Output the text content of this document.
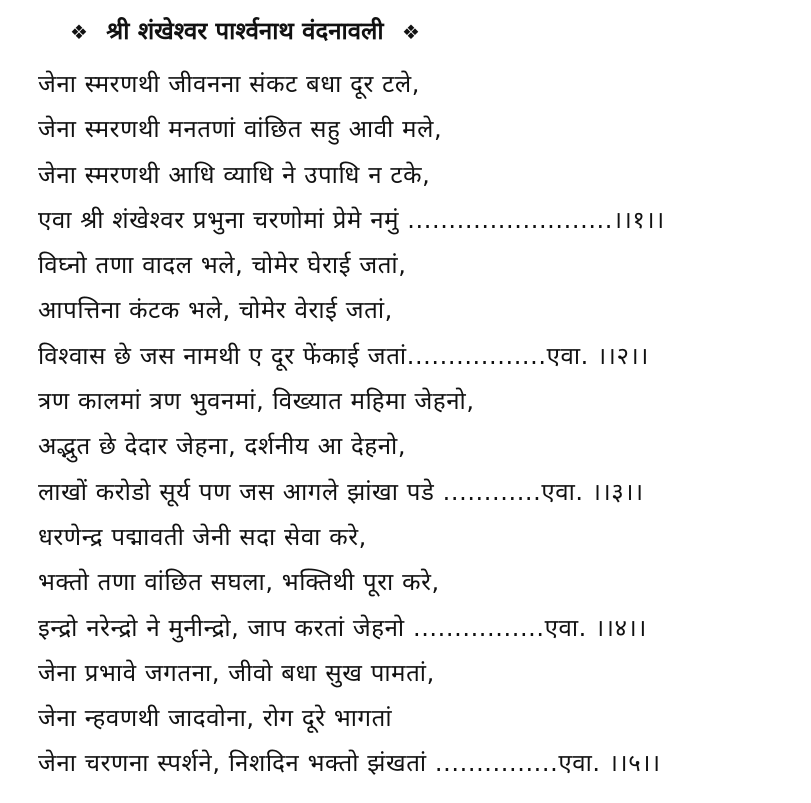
❖ श्री शंखेश्वर पार्श्वनाथ वंदनावली ❖
जेना स्मरणथी जीवनना संकट बधा दूर टले,
जेना स्मरणथी मनतणां वांछित सहु आवी मले,
जेना स्मरणथी आधि व्याधि ने उपाधि न टके,
एवा श्री शंखेश्वर प्रभुना चरणोमां प्रेमे नमुं .........................।।१।।
विघ्नो तणा वादल भले, चोमेर घेराई जतां,
आपत्तिना कंटक भले, चोमेर वेराई जतां,
विश्वास छे जस नामथी ए दूर फेंकाई जतां.................एवा. ।।२।।
त्रण कालमां त्रण भुवनमां, विख्यात महिमा जेहनो,
अद्भुत छे देदार जेहना, दर्शनीय आ देहनो,
लाखों करोडो सूर्य पण जस आगले झांखा पडे ............एवा. ।।३।।
धरणेन्द्र पद्मावती जेनी सदा सेवा करे,
भक्तो तणा वांछित सघला, भक्तिथी पूरा करे,
इन्द्रो नरेन्द्रो ने मुनीन्द्रो, जाप करतां जेहनो ................एवा. ।।४।।
जेना प्रभावे जगतना, जीवो बधा सुख पामतां,
जेना न्हवणथी जादवोना, रोग दूरे भागतां
जेना चरणना स्पर्शने, निशदिन भक्तो झंखतां ...............एवा. ।।५।।
